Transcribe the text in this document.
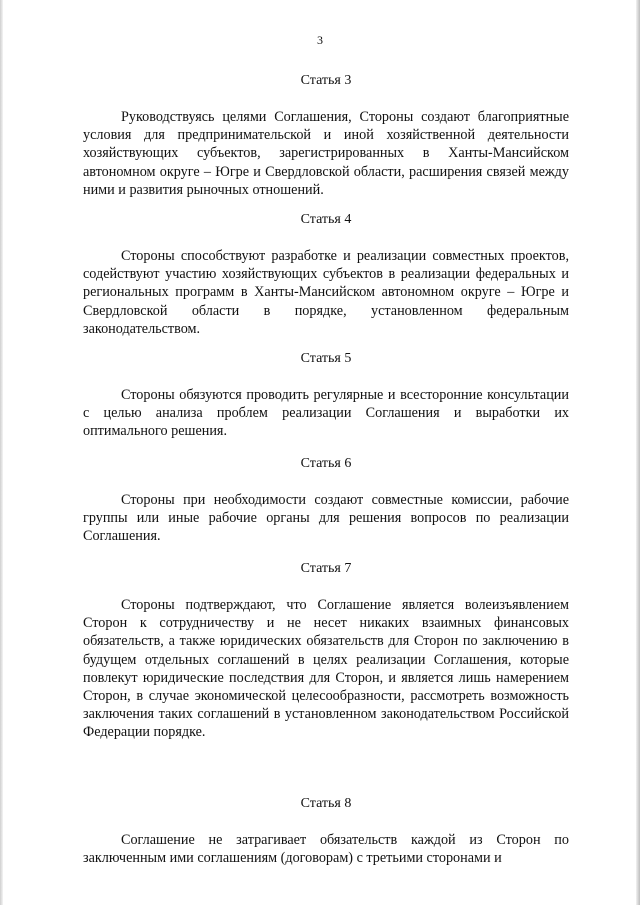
3
Статья 3

Руководствуясь целями Соглашения, Стороны создают благоприятные условия для предпринимательской и иной хозяйственной деятельности хозяйствующих субъектов, зарегистрированных в Ханты-Мансийском автономном округе – Югре и Свердловской области, расширения связей между ними и развития рыночных отношений.

Статья 4

Стороны способствуют разработке и реализации совместных проектов, содействуют участию хозяйствующих субъектов в реализации федеральных и региональных программ в Ханты-Мансийском автономном округе – Югре и Свердловской области в порядке, установленном федеральным законодательством.

Статья 5

Стороны обязуются проводить регулярные и всесторонние консультации с целью анализа проблем реализации Соглашения и выработки их оптимального решения.

Статья 6

Стороны при необходимости создают совместные комиссии, рабочие группы или иные рабочие органы для решения вопросов по реализации Соглашения.

Статья 7

Стороны подтверждают, что Соглашение является волеизъявлением Сторон к сотрудничеству и не несет никаких взаимных финансовых обязательств, а также юридических обязательств для Сторон по заключению в будущем отдельных соглашений в целях реализации Соглашения, которые повлекут юридические последствия для Сторон, и является лишь намерением Сторон, в случае экономической целесообразности, рассмотреть возможность заключения таких соглашений в установленном законодательством Российской Федерации порядке.

Статья 8

Соглашение не затрагивает обязательств каждой из Сторон по заключенным ими соглашениям (договорам) с третьими сторонами и
